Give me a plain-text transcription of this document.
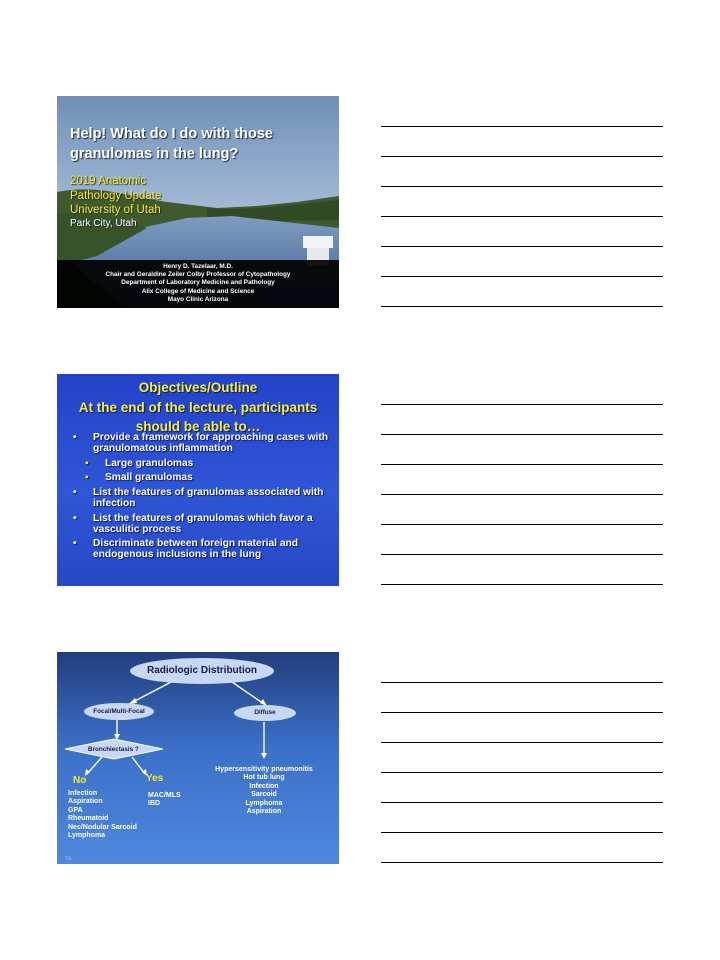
Help! What do I do with those granulomas in the lung?
2019 Anatomic
Pathology Update
University of Utah
Park City, Utah
Henry D. Tazelaar, M.D.
Chair and Geraldine Zeiler Colby Professor of Cytopathology
Department of Laboratory Medicine and Pathology
Alix College of Medicine and Science
Mayo Clinic Arizona
Objectives/Outline
At the end of the lecture, participants
should be able to…
• Provide a framework for approaching cases with granulomatous inflammation
▪ Large granulomas
▪ Small granulomas
• List the features of granulomas associated with infection
• List the features of granulomas which favor a vasculitic process
• Discriminate between foreign material and endogenous inclusions in the lung
TA
Radiologic Distribution
Focal/Multi-Focal	Diffuse
Bronchiectasis ?
No	Yes
Infection
Aspiration
GPA
Rheumatoid
Nec/Nodular Sarcoid
Lymphoma
MAC/MLS
IBD
Hypersensitivity pneumonitis
Hot tub lung
Infection
Sarcoid
Lymphoma
Aspiration
